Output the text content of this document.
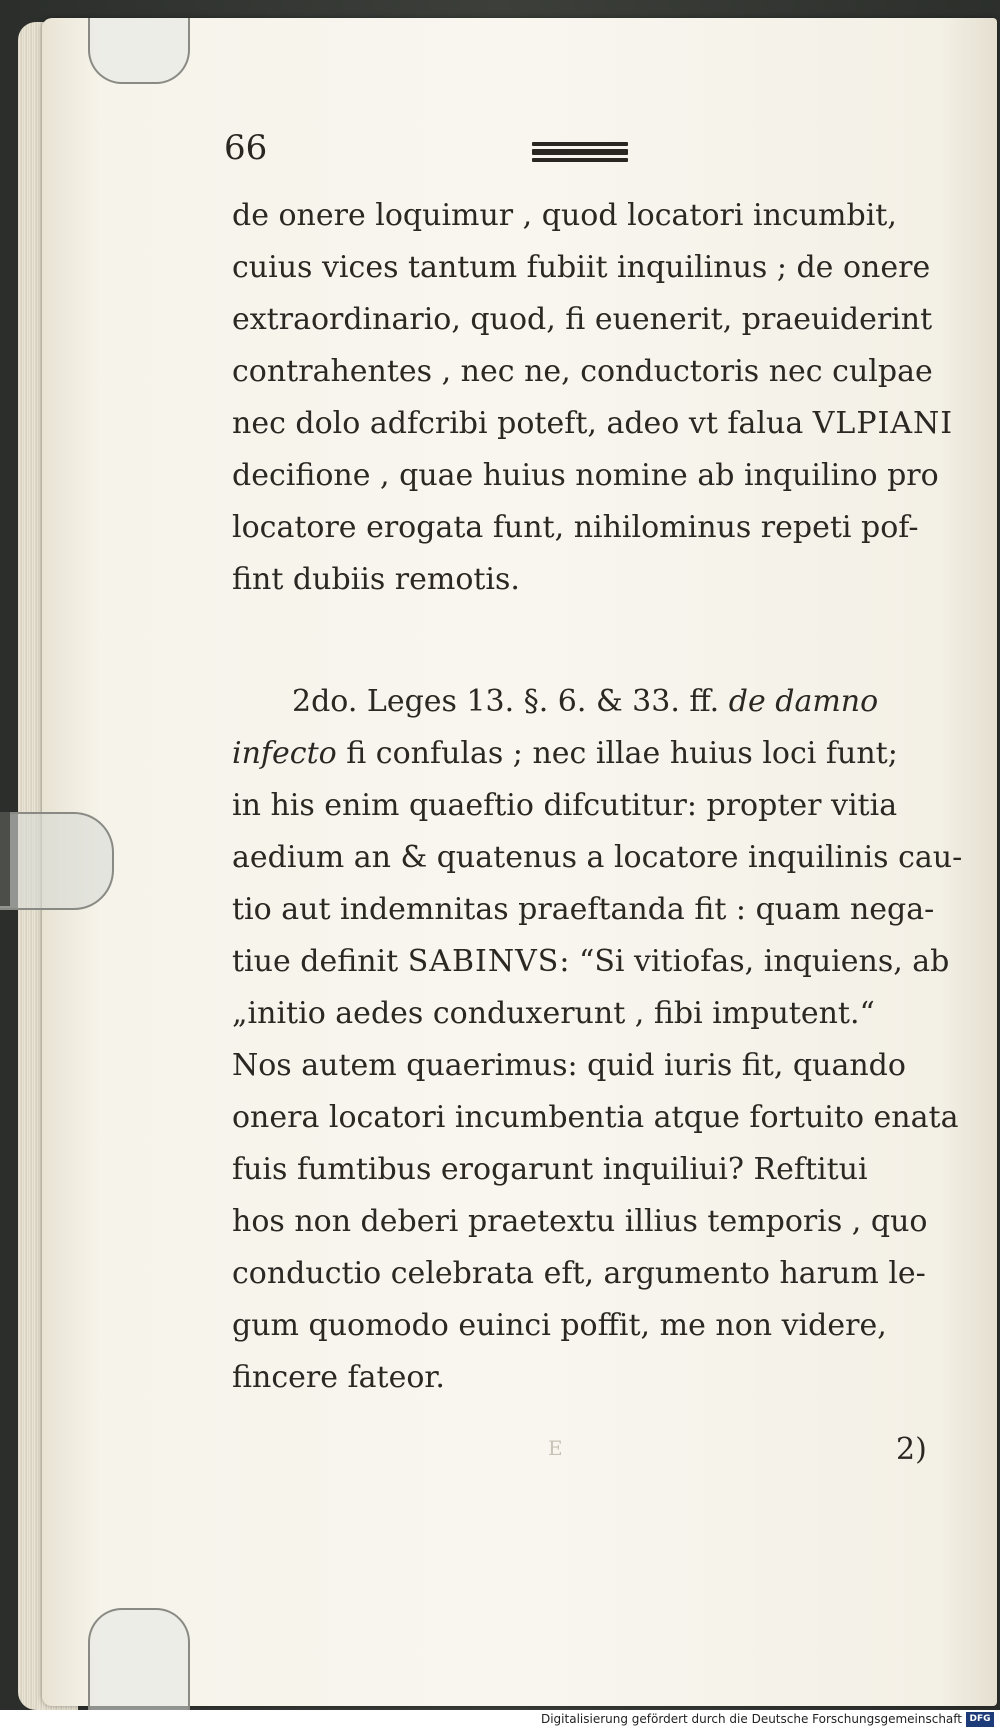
66
de onere loquimur , quod locatori incumbit,
cuius vices tantum fubiit inquilinus ; de onere
extraordinario, quod, fi euenerit, praeuiderint
contrahentes , nec ne, conductoris nec culpae
nec dolo adfcribi poteft, adeo vt falua VLPIANI
decifione , quae huius nomine ab inquilino pro
locatore erogata funt, nihilominus repeti pof-
fint dubiis remotis.
2do. Leges 13. §. 6. & 33. ff. de damno
infecto fi confulas ; nec illae huius loci funt;
in his enim quaeftio difcutitur: propter vitia
aedium an & quatenus a locatore inquilinis cau-
tio aut indemnitas praeftanda fit : quam nega-
tiue definit SABINVS: “Si vitiofas, inquiens, ab
„initio aedes conduxerunt , fibi imputent.“
Nos autem quaerimus: quid iuris fit, quando
onera locatori incumbentia atque fortuito enata
fuis fumtibus erogarunt inquiliui? Reftitui
hos non deberi praetextu illius temporis , quo
conductio celebrata eft, argumento harum le-
gum quomodo euinci poffit, me non videre,
fincere fateor.
E	2)
Digitalisierung gefördert durch die Deutsche Forschungsgemeinschaft DFG
